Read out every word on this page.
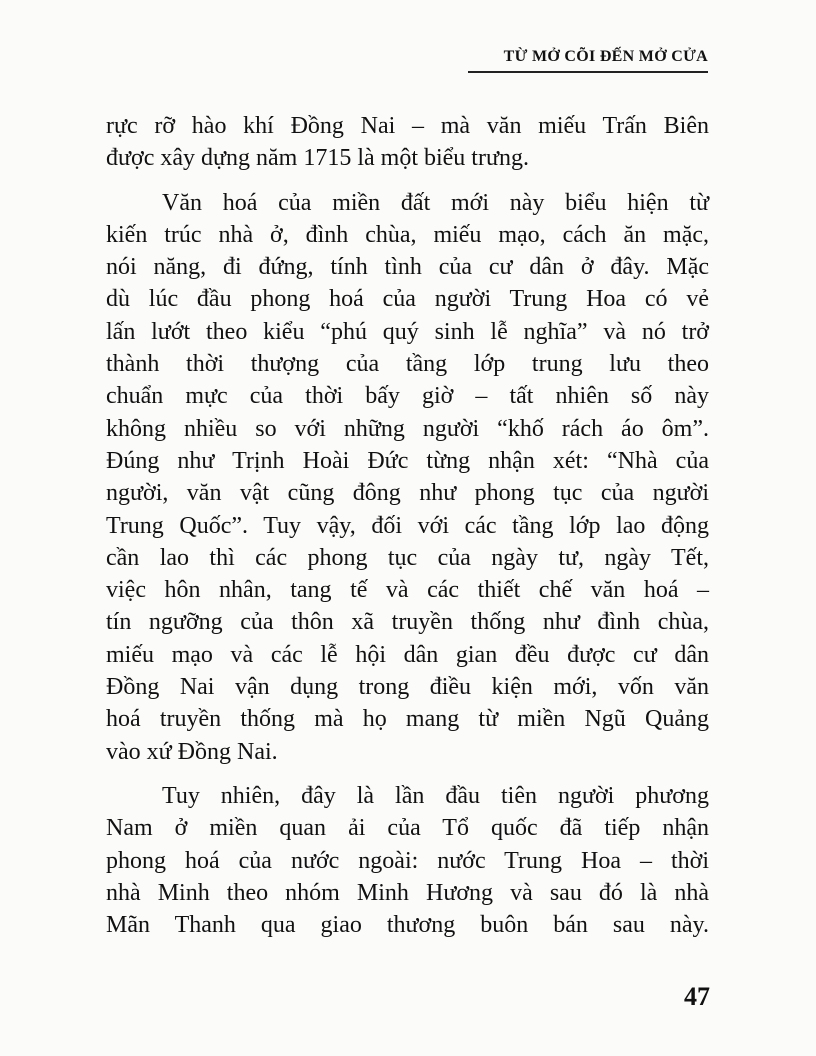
TỪ MỞ CÕI ĐẾN MỞ CỬA
rực rỡ hào khí Đồng Nai – mà văn miếu Trấn Biên
được xây dựng năm 1715 là một biểu trưng.
Văn hoá của miền đất mới này biểu hiện từ
kiến trúc nhà ở, đình chùa, miếu mạo, cách ăn mặc,
nói năng, đi đứng, tính tình của cư dân ở đây. Mặc
dù lúc đầu phong hoá của người Trung Hoa có vẻ
lấn lướt theo kiểu “phú quý sinh lễ nghĩa” và nó trở
thành thời thượng của tầng lớp trung lưu theo
chuẩn mực của thời bấy giờ – tất nhiên số này
không nhiều so với những người “khố rách áo ôm”.
Đúng như Trịnh Hoài Đức từng nhận xét: “Nhà của
người, văn vật cũng đông như phong tục của người
Trung Quốc”. Tuy vậy, đối với các tầng lớp lao động
cần lao thì các phong tục của ngày tư, ngày Tết,
việc hôn nhân, tang tế và các thiết chế văn hoá –
tín ngưỡng của thôn xã truyền thống như đình chùa,
miếu mạo và các lễ hội dân gian đều được cư dân
Đồng Nai vận dụng trong điều kiện mới, vốn văn
hoá truyền thống mà họ mang từ miền Ngũ Quảng
vào xứ Đồng Nai.
Tuy nhiên, đây là lần đầu tiên người phương
Nam ở miền quan ải của Tổ quốc đã tiếp nhận
phong hoá của nước ngoài: nước Trung Hoa – thời
nhà Minh theo nhóm Minh Hương và sau đó là nhà
Mãn Thanh qua giao thương buôn bán sau này.
47
